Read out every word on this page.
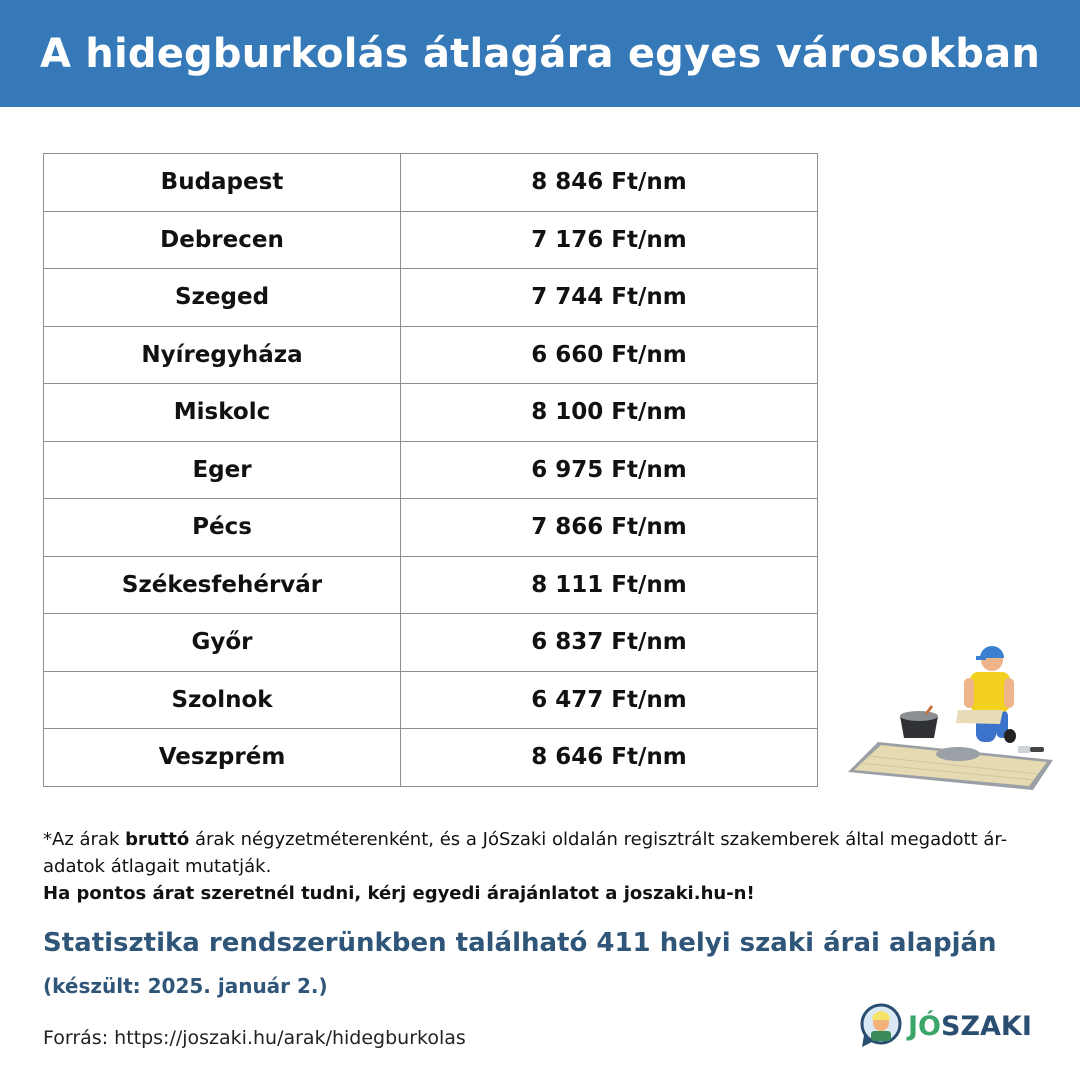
A hidegburkolás átlagára egyes városokban
Budapest	8 846 Ft/nm
Debrecen	7 176 Ft/nm
Szeged	7 744 Ft/nm
Nyíregyháza	6 660 Ft/nm
Miskolc	8 100 Ft/nm
Eger	6 975 Ft/nm
Pécs	7 866 Ft/nm
Székesfehérvár	8 111 Ft/nm
Győr	6 837 Ft/nm
Szolnok	6 477 Ft/nm
Veszprém	8 646 Ft/nm
*Az árak bruttó árak négyzetméterenként, és a JóSzaki oldalán regisztrált szakemberek által megadott ár-adatok átlagait mutatják.
Ha pontos árat szeretnél tudni, kérj egyedi árajánlatot a joszaki.hu-n!
Statisztika rendszerünkben található 411 helyi szaki árai alapján
(készült: 2025. január 2.)
Forrás: https://joszaki.hu/arak/hidegburkolas	JÓSZAKI
